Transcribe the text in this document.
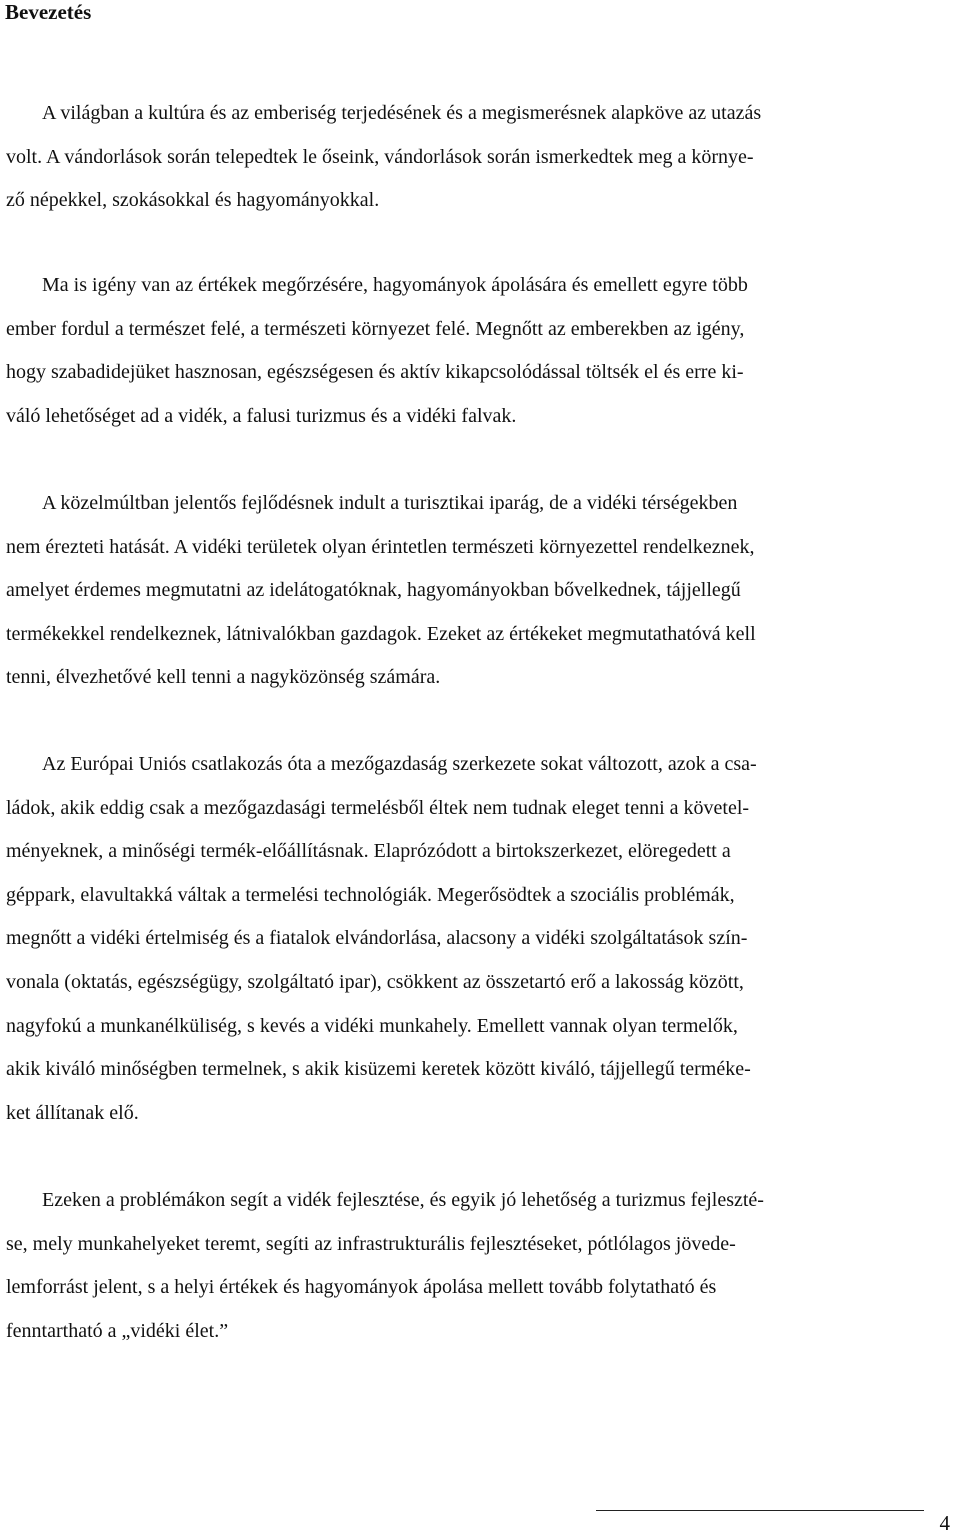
Bevezetés

A világban a kultúra és az emberiség terjedésének és a megismerésnek alapköve az utazás
volt. A vándorlások során telepedtek le őseink, vándorlások során ismerkedtek meg a környe-
ző népekkel, szokásokkal és hagyományokkal.

Ma is igény van az értékek megőrzésére, hagyományok ápolására és emellett egyre több
ember fordul a természet felé, a természeti környezet felé. Megnőtt az emberekben az igény,
hogy szabadidejüket hasznosan, egészségesen és aktív kikapcsolódással töltsék el és erre ki-
váló lehetőséget ad a vidék, a falusi turizmus és a vidéki falvak.

A közelmúltban jelentős fejlődésnek indult a turisztikai iparág, de a vidéki térségekben
nem érezteti hatását. A vidéki területek olyan érintetlen természeti környezettel rendelkeznek,
amelyet érdemes megmutatni az idelátogatóknak, hagyományokban bővelkednek, tájjellegű
termékekkel rendelkeznek, látnivalókban gazdagok. Ezeket az értékeket megmutathatóvá kell
tenni, élvezhetővé kell tenni a nagyközönség számára.

Az Európai Uniós csatlakozás óta a mezőgazdaság szerkezete sokat változott, azok a csa-
ládok, akik eddig csak a mezőgazdasági termelésből éltek nem tudnak eleget tenni a követel-
ményeknek, a minőségi termék-előállításnak. Elaprózódott a birtokszerkezet, elöregedett a
géppark, elavultakká váltak a termelési technológiák. Megerősödtek a szociális problémák,
megnőtt a vidéki értelmiség és a fiatalok elvándorlása, alacsony a vidéki szolgáltatások szín-
vonala (oktatás, egészségügy, szolgáltató ipar), csökkent az összetartó erő a lakosság között,
nagyfokú a munkanélküliség, s kevés a vidéki munkahely. Emellett vannak olyan termelők,
akik kiváló minőségben termelnek, s akik kisüzemi keretek között kiváló, tájjellegű terméke-
ket állítanak elő.

Ezeken a problémákon segít a vidék fejlesztése, és egyik jó lehetőség a turizmus fejleszté-
se, mely munkahelyeket teremt, segíti az infrastrukturális fejlesztéseket, pótlólagos jövede-
lemforrást jelent, s a helyi értékek és hagyományok ápolása mellett tovább folytatható és
fenntartható a „vidéki élet.”

4
